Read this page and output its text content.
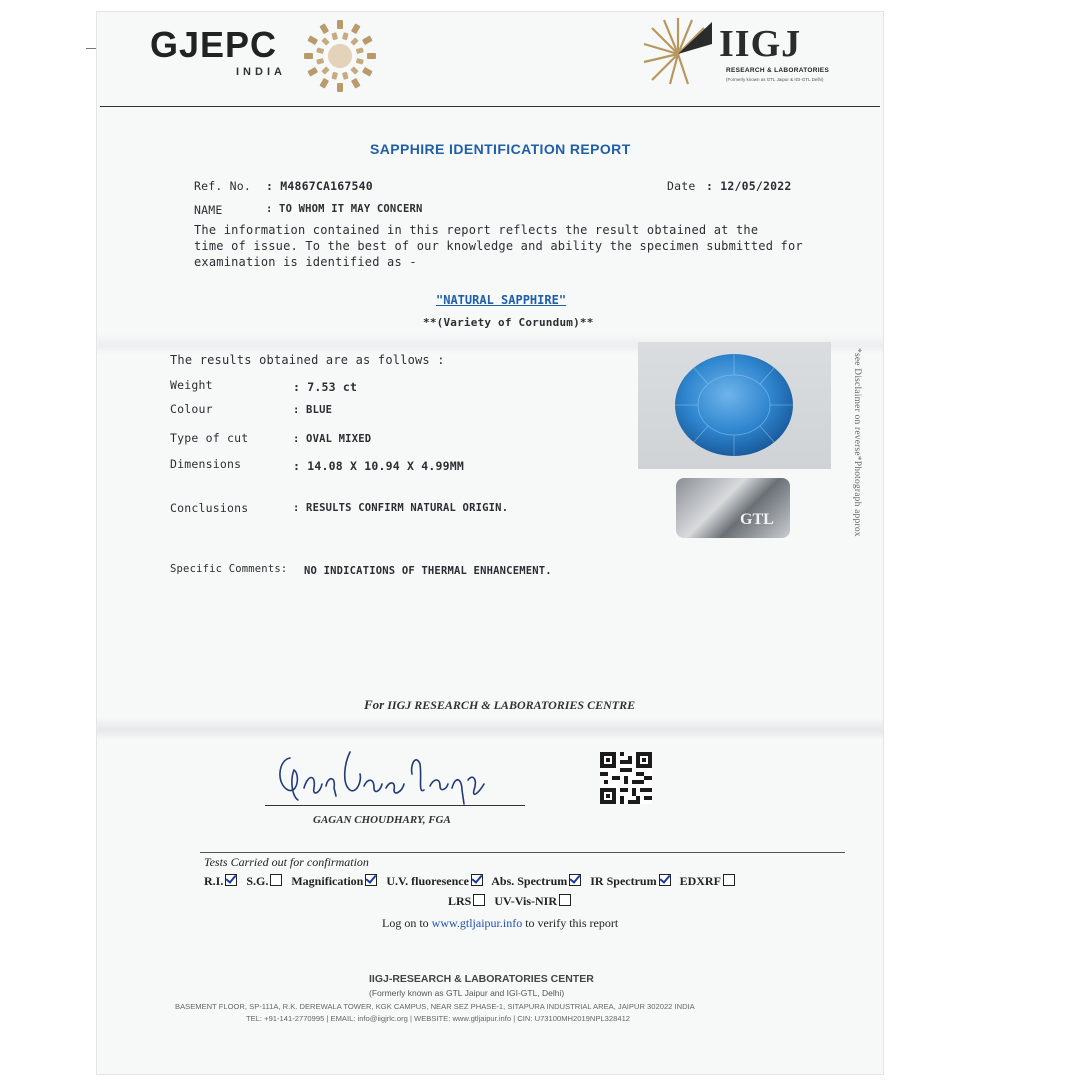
GJEPC
INDIA
IIGJ
RESEARCH & LABORATORIES
(Formerly known as GTL Jaipur & IGI-GTL Delhi)
SAPPHIRE IDENTIFICATION REPORT
Ref. No. : M4867CA167540	Date : 12/05/2022
NAME	: TO WHOM IT MAY CONCERN
The information contained in this report reflects the result obtained at the
time of issue. To the best of our knowledge and ability the specimen submitted for
examination is identified as -
"NATURAL SAPPHIRE"
**(Variety of Corundum)**
The results obtained are as follows :
Weight	: 7.53 ct
Colour	: BLUE
Type of cut	: OVAL MIXED
Dimensions	: 14.08 X 10.94 X 4.99MM
Conclusions	: RESULTS CONFIRM NATURAL ORIGIN.
Specific Comments: NO INDICATIONS OF THERMAL ENHANCEMENT.
GTL	*see Disclaimer on reverse*Photograph approx
For IIGJ RESEARCH & LABORATORIES CENTRE
GAGAN CHOUDHARY, FGA
Tests Carried out for confirmation
R.I. S.G. Magnification U.V. fluoresence Abs. Spectrum IR Spectrum EDXRF
LRS UV-Vis-NIR
Log on to www.gtljaipur.info to verify this report
IIGJ-RESEARCH & LABORATORIES CENTER
(Formerly known as GTL Jaipur and IGI-GTL, Delhi)
BASEMENT FLOOR, SP-111A, R.K. DEREWALA TOWER, KGK CAMPUS, NEAR SEZ PHASE-1, SITAPURA INDUSTRIAL AREA, JAIPUR 302022 INDIA
TEL: +91-141-2770995 | EMAIL: info@iigjrlc.org | WEBSITE: www.gtljaipur.info | CIN: U73100MH2019NPL328412
